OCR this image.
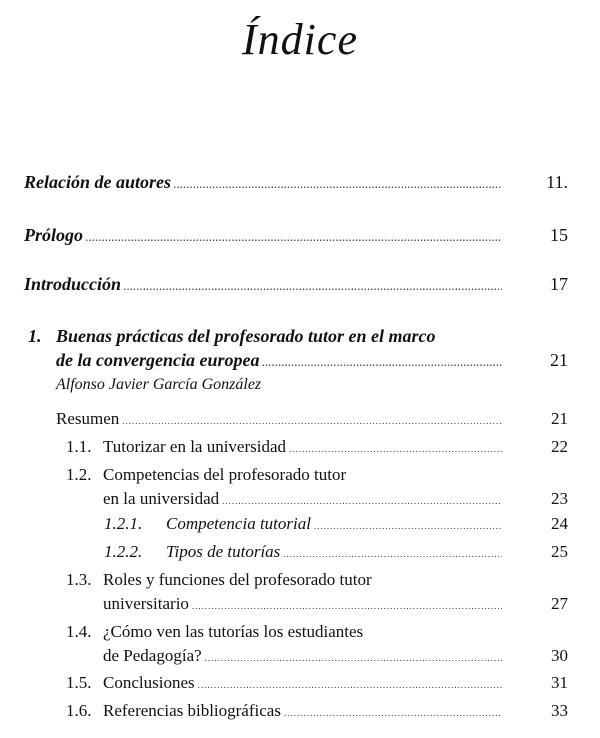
Índice
Relación de autores .....	11.
Prólogo .....	15
Introducción .....	17
1. Buenas prácticas del profesorado tutor en el marco
de la convergencia europea .....	21
Alfonso Javier García González
Resumen .....	21
1.1. Tutorizar en la universidad .....	22
1.2. Competencias del profesorado tutor
en la universidad .....	23
1.2.1. Competencia tutorial .....	24
1.2.2. Tipos de tutorías .....	25
1.3. Roles y funciones del profesorado tutor
universitario .....	27
1.4. ¿Cómo ven las tutorías los estudiantes
de Pedagogía? .....	30
1.5. Conclusiones .....	31
1.6. Referencias bibliográficas .....	33
